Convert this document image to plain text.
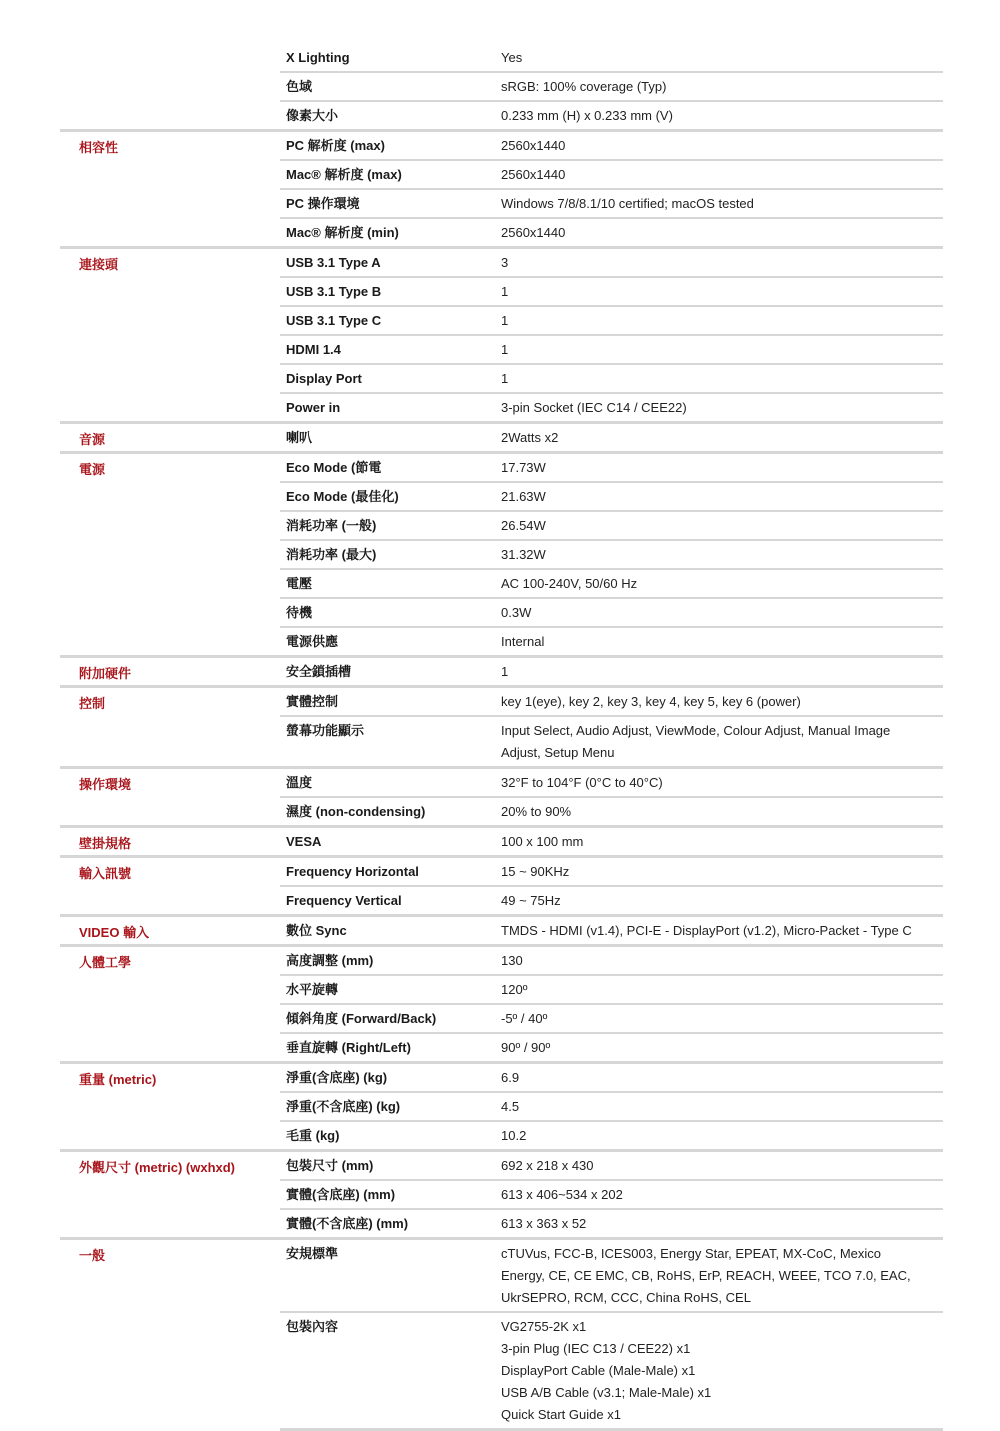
X Lighting	Yes
色域	sRGB: 100% coverage (Typ)
像素大小	0.233 mm (H) x 0.233 mm (V)
相容性	PC 解析度 (max)	2560x1440
Mac® 解析度 (max)	2560x1440
PC 操作環境	Windows 7/8/8.1/10 certified; macOS tested
Mac® 解析度 (min)	2560x1440
連接頭	USB 3.1 Type A	3
USB 3.1 Type B	1
USB 3.1 Type C	1
HDMI 1.4	1
Display Port	1
Power in	3-pin Socket (IEC C14 / CEE22)
音源	喇叭	2Watts x2
電源	Eco Mode (節電	17.73W
Eco Mode (最佳化)	21.63W
消耗功率 (一般)	26.54W
消耗功率 (最大)	31.32W
電壓	AC 100-240V, 50/60 Hz
待機	0.3W
電源供應	Internal
附加硬件	安全鎖插槽	1
控制	實體控制	key 1(eye), key 2, key 3, key 4, key 5, key 6 (power)
螢幕功能顯示	Input Select, Audio Adjust, ViewMode, Colour Adjust, Manual Image
Adjust, Setup Menu
操作環境	溫度	32°F to 104°F (0°C to 40°C)
濕度 (non-condensing)	20% to 90%
壁掛規格	VESA	100 x 100 mm
輸入訊號	Frequency Horizontal	15 ~ 90KHz
Frequency Vertical	49 ~ 75Hz
VIDEO 輸入	數位 Sync	TMDS - HDMI (v1.4), PCI-E - DisplayPort (v1.2), Micro-Packet - Type C
人體工學	高度調整 (mm)	130
水平旋轉	120º
傾斜角度 (Forward/Back)	-5º / 40º
垂直旋轉 (Right/Left)	90º / 90º
重量 (metric)	淨重(含底座) (kg)	6.9
淨重(不含底座) (kg)	4.5
毛重 (kg)	10.2
外觀尺寸 (metric) (wxhxd)	包裝尺寸 (mm)	692 x 218 x 430
實體(含底座) (mm)	613 x 406~534 x 202
實體(不含底座) (mm)	613 x 363 x 52
一般	安規標準	cTUVus, FCC-B, ICES003, Energy Star, EPEAT, MX-CoC, Mexico
Energy, CE, CE EMC, CB, RoHS, ErP, REACH, WEEE, TCO 7.0, EAC,
UkrSEPRO, RCM, CCC, China RoHS, CEL
包裝內容	VG2755-2K x1
3-pin Plug (IEC C13 / CEE22) x1
DisplayPort Cable (Male-Male) x1
USB A/B Cable (v3.1; Male-Male) x1
Quick Start Guide x1
